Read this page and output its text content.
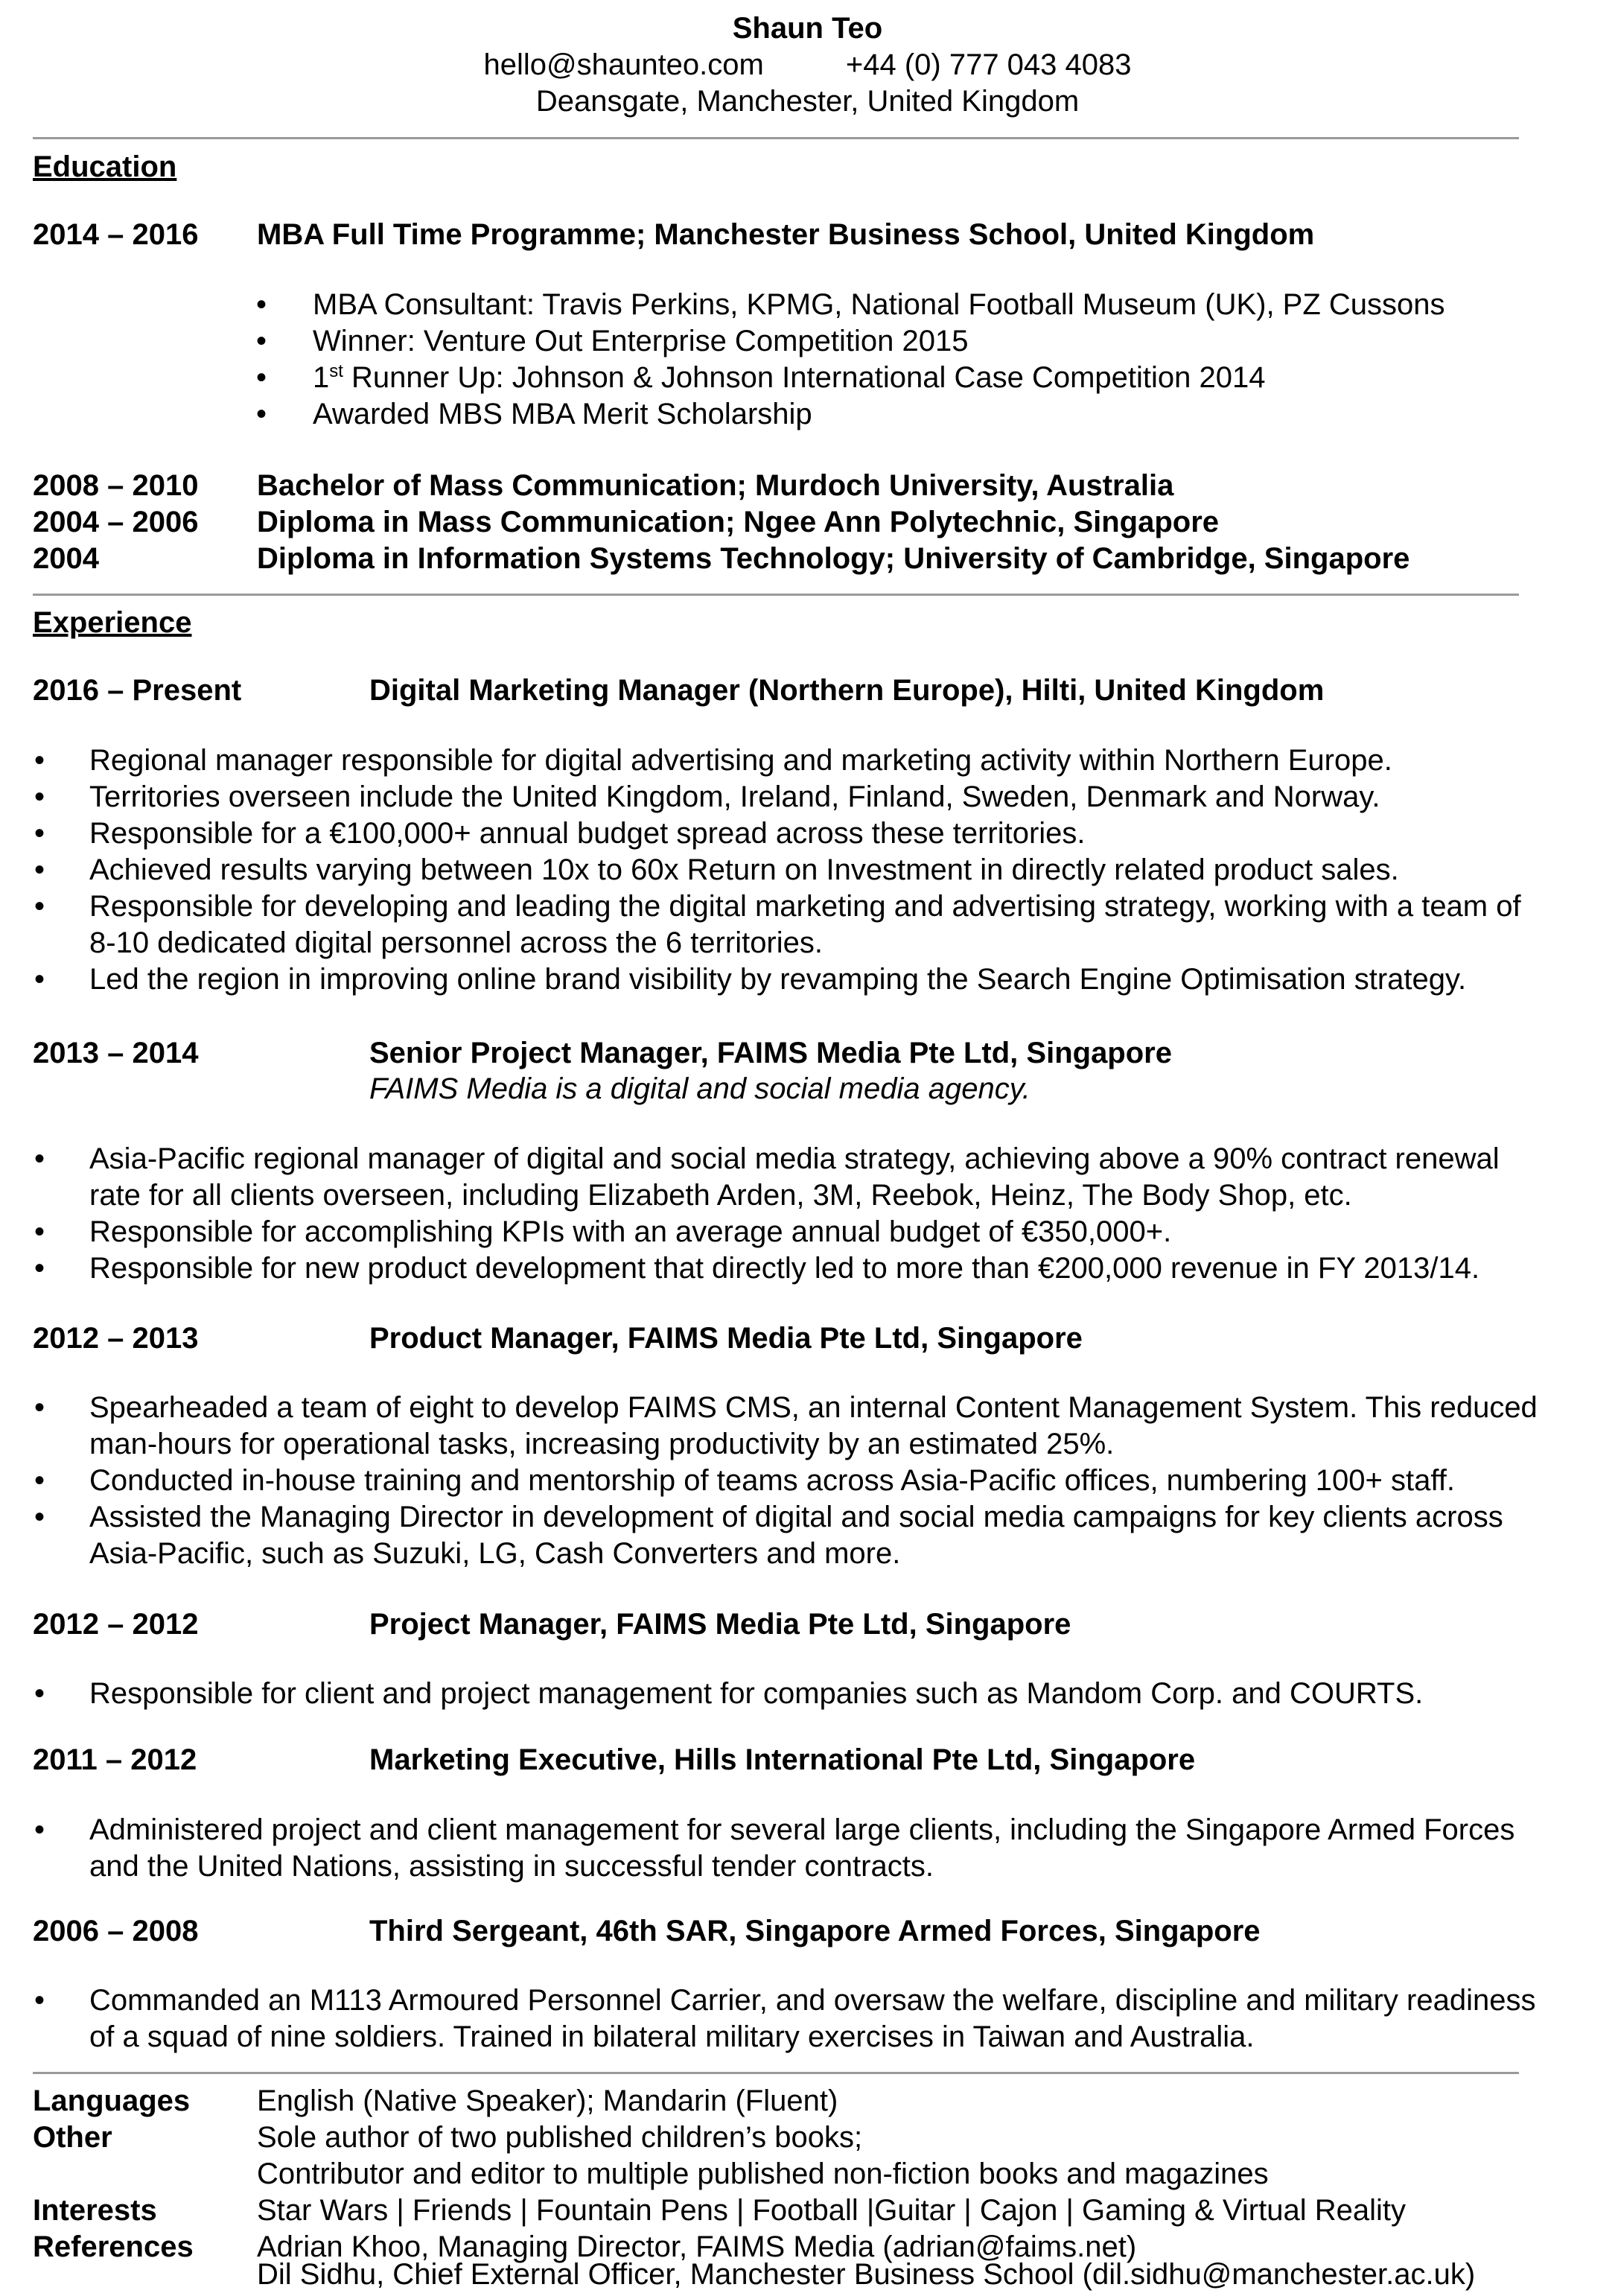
Shaun Teo
hello@shaunteo.com	+44 (0) 777 043 4083
Deansgate, Manchester, United Kingdom
Education
2014 – 2016 MBA Full Time Programme; Manchester Business School, United Kingdom
• MBA Consultant: Travis Perkins, KPMG, National Football Museum (UK), PZ Cussons
• Winner: Venture Out Enterprise Competition 2015
• 1st Runner Up: Johnson & Johnson International Case Competition 2014
• Awarded MBS MBA Merit Scholarship
2008 – 2010 Bachelor of Mass Communication; Murdoch University, Australia
2004 – 2006 Diploma in Mass Communication; Ngee Ann Polytechnic, Singapore
2004	Diploma in Information Systems Technology; University of Cambridge, Singapore
Experience
2016 – Present	Digital Marketing Manager (Northern Europe), Hilti, United Kingdom
• Regional manager responsible for digital advertising and marketing activity within Northern Europe.
• Territories overseen include the United Kingdom, Ireland, Finland, Sweden, Denmark and Norway.
• Responsible for a €100,000+ annual budget spread across these territories.
• Achieved results varying between 10x to 60x Return on Investment in directly related product sales.
• Responsible for developing and leading the digital marketing and advertising strategy, working with a team of 8-10 dedicated digital personnel across the 6 territories.
• Led the region in improving online brand visibility by revamping the Search Engine Optimisation strategy.
2013 – 2014	Senior Project Manager, FAIMS Media Pte Ltd, Singapore
FAIMS Media is a digital and social media agency.
• Asia-Pacific regional manager of digital and social media strategy, achieving above a 90% contract renewal rate for all clients overseen, including Elizabeth Arden, 3M, Reebok, Heinz, The Body Shop, etc.
• Responsible for accomplishing KPIs with an average annual budget of €350,000+.
• Responsible for new product development that directly led to more than €200,000 revenue in FY 2013/14.
2012 – 2013	Product Manager, FAIMS Media Pte Ltd, Singapore
• Spearheaded a team of eight to develop FAIMS CMS, an internal Content Management System. This reduced man-hours for operational tasks, increasing productivity by an estimated 25%.
• Conducted in-house training and mentorship of teams across Asia-Pacific offices, numbering 100+ staff.
• Assisted the Managing Director in development of digital and social media campaigns for key clients across Asia-Pacific, such as Suzuki, LG, Cash Converters and more.
2012 – 2012	Project Manager, FAIMS Media Pte Ltd, Singapore
• Responsible for client and project management for companies such as Mandom Corp. and COURTS.
2011 – 2012	Marketing Executive, Hills International Pte Ltd, Singapore
• Administered project and client management for several large clients, including the Singapore Armed Forces and the United Nations, assisting in successful tender contracts.
2006 – 2008	Third Sergeant, 46th SAR, Singapore Armed Forces, Singapore
• Commanded an M113 Armoured Personnel Carrier, and oversaw the welfare, discipline and military readiness of a squad of nine soldiers. Trained in bilateral military exercises in Taiwan and Australia.
Languages English (Native Speaker); Mandarin (Fluent)
Other	Sole author of two published children’s books;
Contributor and editor to multiple published non-fiction books and magazines
Interests	Star Wars | Friends | Fountain Pens | Football |Guitar | Cajon | Gaming & Virtual Reality
References Adrian Khoo, Managing Director, FAIMS Media (adrian@faims.net)
Dil Sidhu, Chief External Officer, Manchester Business School (dil.sidhu@manchester.ac.uk)
